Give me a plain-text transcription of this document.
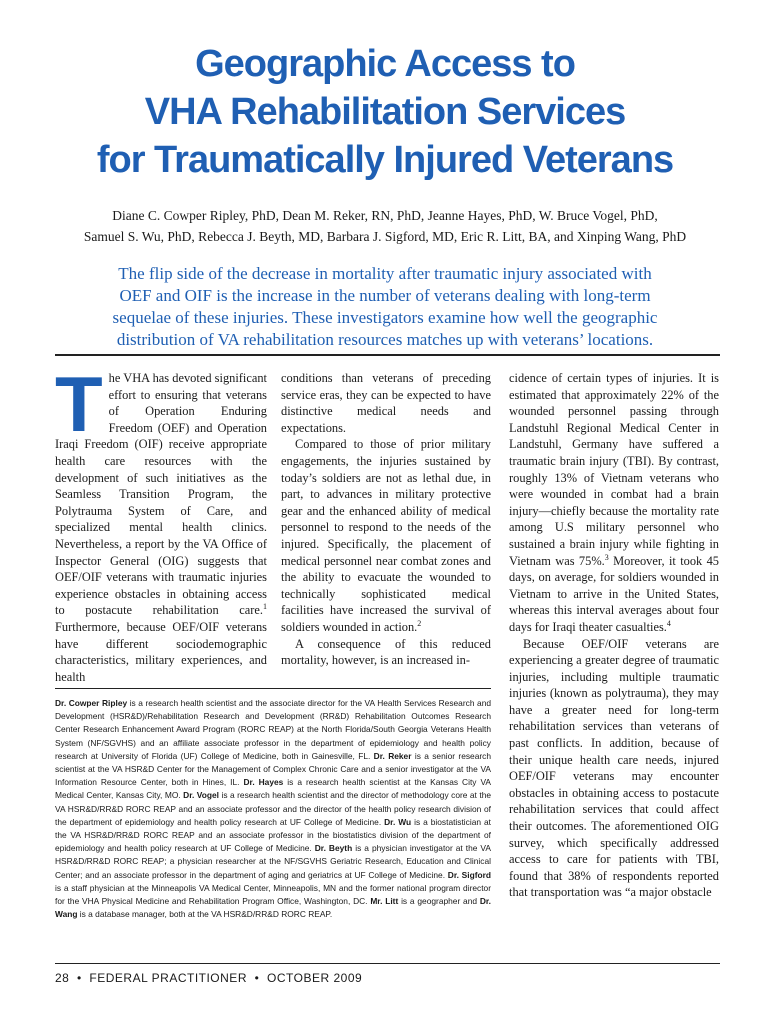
Geographic Access to
VHA Rehabilitation Services
for Traumatically Injured Veterans
Diane C. Cowper Ripley, PhD, Dean M. Reker, RN, PhD, Jeanne Hayes, PhD, W. Bruce Vogel, PhD,
Samuel S. Wu, PhD, Rebecca J. Beyth, MD, Barbara J. Sigford, MD, Eric R. Litt, BA, and Xinping Wang, PhD
The flip side of the decrease in mortality after traumatic injury associated with
OEF and OIF is the increase in the number of veterans dealing with long-term
sequelae of these injuries. These investigators examine how well the geographic
distribution of VA rehabilitation resources matches up with veterans’ locations.

The VHA has devoted significant effort to ensuring that veterans of Operation Enduring Freedom (OEF) and Operation Iraqi Freedom (OIF) receive appropriate health care resources with the development of such initiatives as the Seamless Transition Program, the Polytrauma System of Care, and specialized mental health clinics. Nevertheless, a report by the VA Office of Inspector General (OIG) suggests that OEF/OIF veterans with traumatic injuries experience obstacles in obtaining access to postacute rehabilitation care.$^1$ Furthermore, because OEF/OIF veterans have different sociodemographic characteristics, military experiences, and health

conditions than veterans of preceding service eras, they can be expected to have distinctive medical needs and expectations.

Compared to those of prior military engagements, the injuries sustained by today’s soldiers are not as lethal due, in part, to advances in military protective gear and the enhanced ability of medical personnel to respond to the needs of the injured. Specifically, the placement of medical personnel near combat zones and the ability to evacuate the wounded to technically sophisticated medical facilities have increased the survival of soldiers wounded in action.$^2$

A consequence of this reduced mortality, however, is an increased in-

cidence of certain types of injuries. It is estimated that approximately 22% of the wounded personnel passing through Landstuhl Regional Medical Center in Landstuhl, Germany have suffered a traumatic brain injury (TBI). By contrast, roughly 13% of Vietnam veterans who were wounded in combat had a brain injury—chiefly because the mortality rate among U.S military personnel who sustained a brain injury while fighting in Vietnam was 75%.$^3$ Moreover, it took 45 days, on average, for soldiers wounded in Vietnam to arrive in the United States, whereas this interval averages about four days for Iraqi theater casualties.$^4$

Because OEF/OIF veterans are experiencing a greater degree of traumatic injuries, including multiple traumatic injuries (known as polytrauma), they may have a greater need for long-term rehabilitation services than veterans of past conflicts. In addition, because of their unique health care needs, injured OEF/OIF veterans may encounter obstacles in obtaining access to postacute rehabilitation services that could affect their outcomes. The aforementioned OIG survey, which specifically addressed access to care for patients with TBI, found that 38% of respondents reported that transportation was “a major obstacle

Dr. Cowper Ripley is a research health scientist and the associate director for the VA Health Services Research and Development (HSR&D)/Rehabilitation Research and Development (RR&D) Rehabilitation Outcomes Research Center Research Enhancement Award Program (RORC REAP) at the North Florida/South Georgia Veterans Health System (NF/SGVHS) and an affiliate associate professor in the department of epidemiology and health policy research at University of Florida (UF) College of Medicine, both in Gainesville, FL. Dr. Reker is a senior research scientist at the VA HSR&D Center for the Management of Complex Chronic Care and a senior investigator at the VA Information Resource Center, both in Hines, IL. Dr. Hayes is a research health scientist at the Kansas City VA Medical Center, Kansas City, MO. Dr. Vogel is a research health scientist and the director of methodology core at the VA HSR&D/RR&D RORC REAP and an associate professor and the director of the health policy research division of the department of epidemiology and health policy research at UF College of Medicine. Dr. Wu is a biostatistician at the VA HSR&D/RR&D RORC REAP and an associate professor in the biostatistics division of the department of epidemiology and health policy research at UF College of Medicine. Dr. Beyth is a physician investigator at the VA HSR&D/RR&D RORC REAP; a physician researcher at the NF/SGVHS Geriatric Research, Education and Clinical Center; and an associate professor in the department of aging and geriatrics at UF College of Medicine. Dr. Sigford is a staff physician at the Minneapolis VA Medical Center, Minneapolis, MN and the former national program director for the VHA Physical Medicine and Rehabilitation Program Office, Washington, DC. Mr. Litt is a geographer and Dr. Wang is a database manager, both at the VA HSR&D/RR&D RORC REAP.
28 • FEDERAL PRACTITIONER • OCTOBER 2009
